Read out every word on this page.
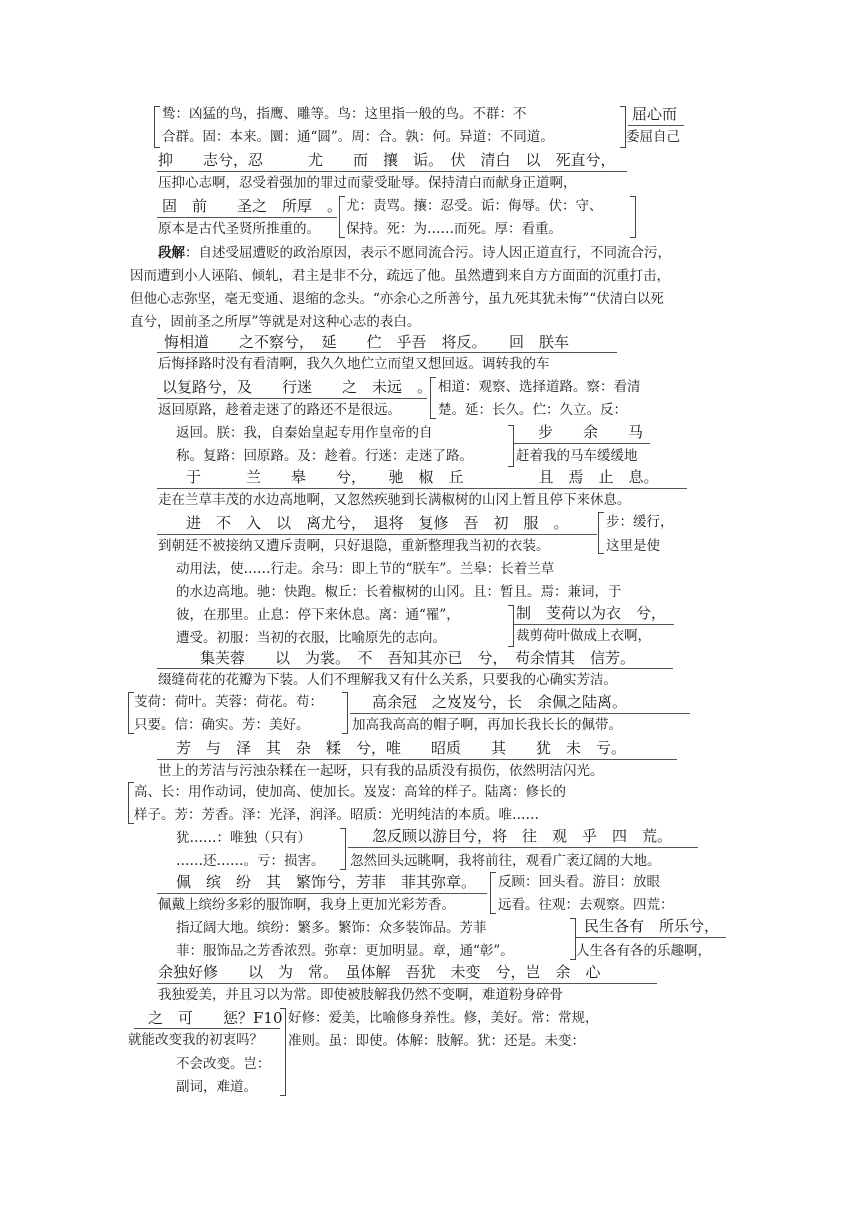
鸷：凶猛的鸟，指鹰、雕等。鸟：这里指一般的鸟。不群：不
合群。固：本来。圜：通“圆”。周：合。孰：何。异道：不同道。
屈心而
委屈自己
抑　　志兮，忍　　　尤　　而　攘　诟。　伏　清白　以　死直兮，
压抑心志啊，忍受着强加的罪过而蒙受耻辱。保持清白而献身正道啊，
固　前　　圣之　所厚　。
原本是古代圣贤所推重的。
尤：责骂。攘：忍受。诟：侮辱。伏：守、
保持。死：为……而死。厚：看重。
段解：自述受屈遭贬的政治原因，表示不愿同流合污。诗人因正道直行，不同流合污，
因而遭到小人诬陷、倾轧，君主是非不分，疏远了他。虽然遭到来自方方面面的沉重打击，
但他心志弥坚，毫无变通、退缩的念头。“亦余心之所善兮，虽九死其犹未悔”“伏清白以死
直兮，固前圣之所厚”等就是对这种心志的表白。
悔相道　　之不察兮，　延　　伫　乎吾　将反。　　回　朕车
后悔择路时没有看清啊，我久久地伫立而望又想回返。调转我的车
以复路兮，及　　行迷　　之　未远　。
返回原路，趁着走迷了的路还不是很远。
相道：观察、选择道路。察：看清
楚。延：长久。伫：久立。反：
返回。朕：我，自秦始皇起专用作皇帝的自
称。复路：回原路。及：趁着。行迷：走迷了路。
步　　余　　马
赶着我的马车缓缓地
于　　　兰　　皋　　兮，　　驰　椒　丘　　　　　且　焉　止　息。
走在兰草丰茂的水边高地啊，又忽然疾驰到长满椒树的山冈上暂且停下来休息。
进　不　入　以　离尤兮，　退将　复修　吾　初　服　。
到朝廷不被接纳又遭斥责啊，只好退隐，重新整理我当初的衣装。
步：缓行，
这里是使
动用法，使……行走。余马：即上节的“朕车”。兰皋：长着兰草
的水边高地。驰：快跑。椒丘：长着椒树的山冈。且：暂且。焉：兼词，于
彼，在那里。止息：停下来休息。离：通“罹”，
遭受。初服：当初的衣服，比喻原先的志向。
制　芰荷以为衣　兮，
裁剪荷叶做成上衣啊，
集芙蓉　　以　为裳。　不　吾知其亦已　兮，　苟余情其　信芳。
缀缝荷花的花瓣为下装。人们不理解我又有什么关系，只要我的心确实芳洁。
芰荷：荷叶。芙蓉：荷花。苟：
只要。信：确实。芳：美好。
高余冠　之岌岌兮，长　余佩之陆离。
加高我高高的帽子啊，再加长我长长的佩带。
芳　与　泽　其　杂　糅　兮，唯　　昭质　　其　　犹　未　亏。
世上的芳洁与污浊杂糅在一起呀，只有我的品质没有损伤，依然明洁闪光。
高、长：用作动词，使加高、使加长。岌岌：高耸的样子。陆离：修长的
样子。芳：芳香。泽：光泽，润泽。昭质：光明纯洁的本质。唯……
犹……：唯独（只有）
……还……。亏：损害。
忽反顾以游目兮，将　往　观　乎　四　荒。
忽然回头远眺啊，我将前往，观看广袤辽阔的大地。
佩　缤　纷　其　繁饰兮，芳菲　菲其弥章。
佩戴上缤纷多彩的服饰啊，我身上更加光彩芳香。
反顾：回头看。游目：放眼
远看。往观：去观察。四荒：
指辽阔大地。缤纷：繁多。繁饰：众多装饰品。芳菲
菲：服饰品之芳香浓烈。弥章：更加明显。章，通“彰”。
民生各有　所乐兮，
人生各有各的乐趣啊，
余独好修　　以　为　常。　虽体解　吾犹　未变　兮，岂　余　心
我独爱美，并且习以为常。即使被肢解我仍然不变啊，难道粉身碎骨
之　可　　惩？F10
就能改变我的初衷吗？
好修：爱美，比喻修身养性。修，美好。常：常规，
准则。虽：即使。体解：肢解。犹：还是。未变：
不会改变。岂：
副词，难道。
